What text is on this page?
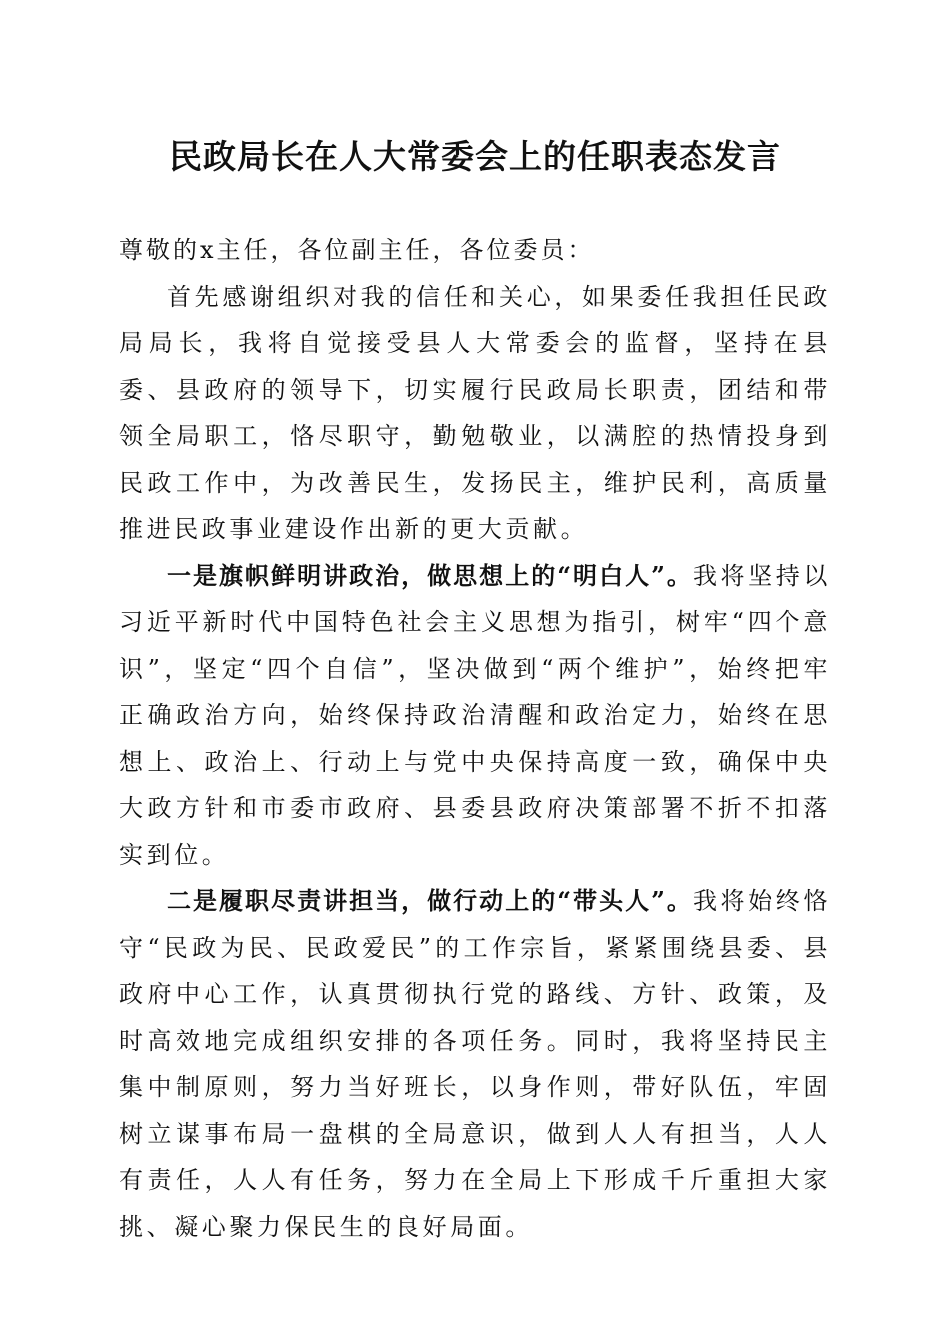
民政局长在人大常委会上的任职表态发言

尊敬的x主任，各位副主任，各位委员：

首先感谢组织对我的信任和关心，如果委任我担任民政局局长，我将自觉接受县人大常委会的监督，坚持在县委、县政府的领导下，切实履行民政局长职责，团结和带领全局职工，恪尽职守，勤勉敬业，以满腔的热情投身到民政工作中，为改善民生，发扬民主，维护民利，高质量推进民政事业建设作出新的更大贡献。

一是旗帜鲜明讲政治，做思想上的“明白人”。我将坚持以习近平新时代中国特色社会主义思想为指引，树牢“四个意识”，坚定“四个自信”，坚决做到“两个维护”，始终把牢正确政治方向，始终保持政治清醒和政治定力，始终在思想上、政治上、行动上与党中央保持高度一致，确保中央大政方针和市委市政府、县委县政府决策部署不折不扣落实到位。

二是履职尽责讲担当，做行动上的“带头人”。我将始终恪守“民政为民、民政爱民”的工作宗旨，紧紧围绕县委、县政府中心工作，认真贯彻执行党的路线、方针、政策，及时高效地完成组织安排的各项任务。同时，我将坚持民主集中制原则，努力当好班长，以身作则，带好队伍，牢固树立谋事布局一盘棋的全局意识，做到人人有担当，人人有责任，人人有任务，努力在全局上下形成千斤重担大家挑、凝心聚力保民生的良好局面。
